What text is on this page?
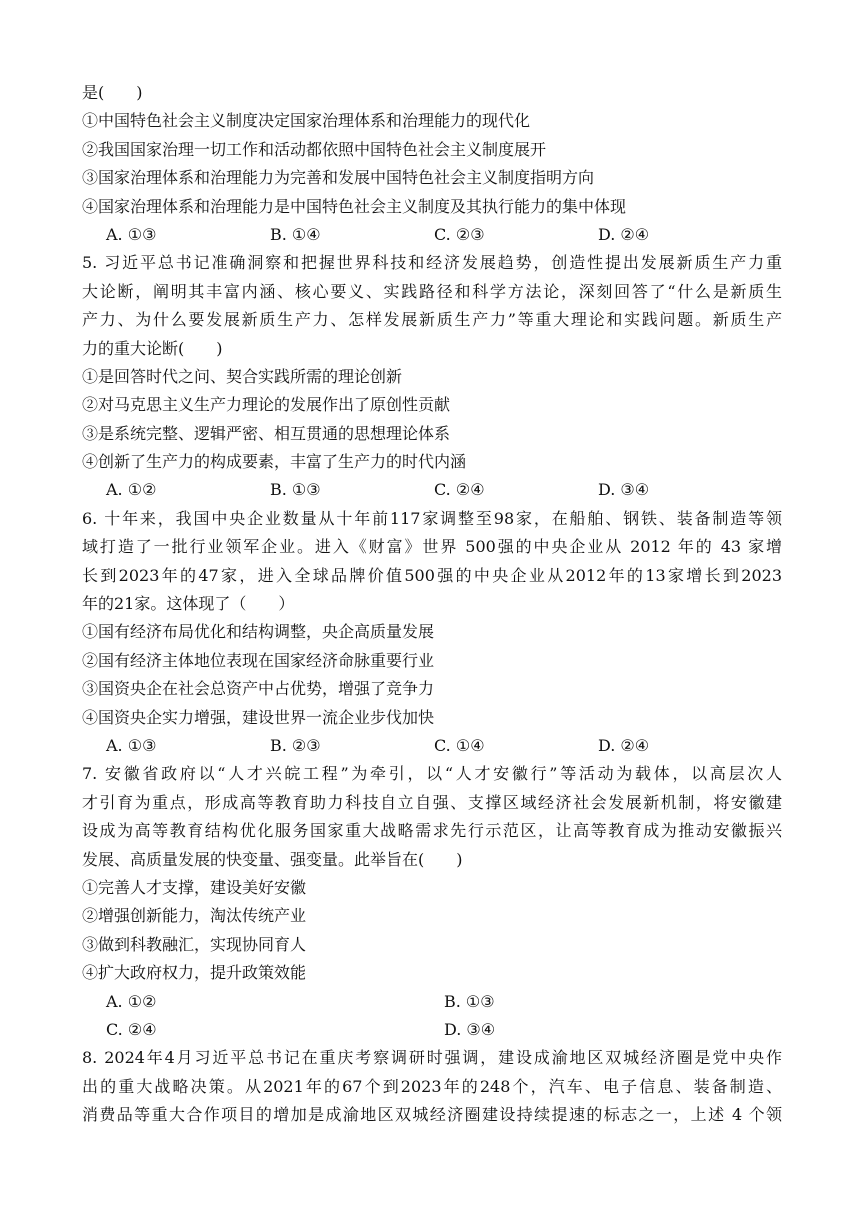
是(　　)
①中国特色社会主义制度决定国家治理体系和治理能力的现代化
②我国国家治理一切工作和活动都依照中国特色社会主义制度展开
③国家治理体系和治理能力为完善和发展中国特色社会主义制度指明方向
④国家治理体系和治理能力是中国特色社会主义制度及其执行能力的集中体现
A. ①③	B. ①④	C. ②③	D. ②④
5. 习近平总书记准确洞察和把握世界科技和经济发展趋势，创造性提出发展新质生产力重
大论断，阐明其丰富内涵、核心要义、实践路径和科学方法论，深刻回答了“什么是新质生
产力、为什么要发展新质生产力、怎样发展新质生产力”等重大理论和实践问题。新质生产
力的重大论断(　　)
①是回答时代之问、契合实践所需的理论创新
②对马克思主义生产力理论的发展作出了原创性贡献
③是系统完整、逻辑严密、相互贯通的思想理论体系
④创新了生产力的构成要素，丰富了生产力的时代内涵
A. ①②	B. ①③	C. ②④	D. ③④
6. 十年来，我国中央企业数量从十年前117家调整至98家，在船舶、钢铁、装备制造等领
域打造了一批行业领军企业。进入《财富》世界 500强的中央企业从 2012 年的 43 家增
长到2023年的47家，进入全球品牌价值500强的中央企业从2012年的13家增长到2023
年的21家。这体现了（　　）
①国有经济布局优化和结构调整，央企高质量发展
②国有经济主体地位表现在国家经济命脉重要行业
③国资央企在社会总资产中占优势，增强了竞争力
④国资央企实力增强，建设世界一流企业步伐加快
A. ①③	B. ②③	C. ①④	D. ②④
7. 安徽省政府以“人才兴皖工程”为牵引，以“人才安徽行”等活动为载体，以高层次人
才引育为重点，形成高等教育助力科技自立自强、支撑区域经济社会发展新机制，将安徽建
设成为高等教育结构优化服务国家重大战略需求先行示范区，让高等教育成为推动安徽振兴
发展、高质量发展的快变量、强变量。此举旨在(　　)
①完善人才支撑，建设美好安徽
②增强创新能力，淘汰传统产业
③做到科教融汇，实现协同育人
④扩大政府权力，提升政策效能
A. ①②	B. ①③
C. ②④	D. ③④
8. 2024年4月习近平总书记在重庆考察调研时强调，建设成渝地区双城经济圈是党中央作
出的重大战略决策。从2021年的67个到2023年的248个，汽车、电子信息、装备制造、
消费品等重大合作项目的增加是成渝地区双城经济圈建设持续提速的标志之一，上述 4 个领
